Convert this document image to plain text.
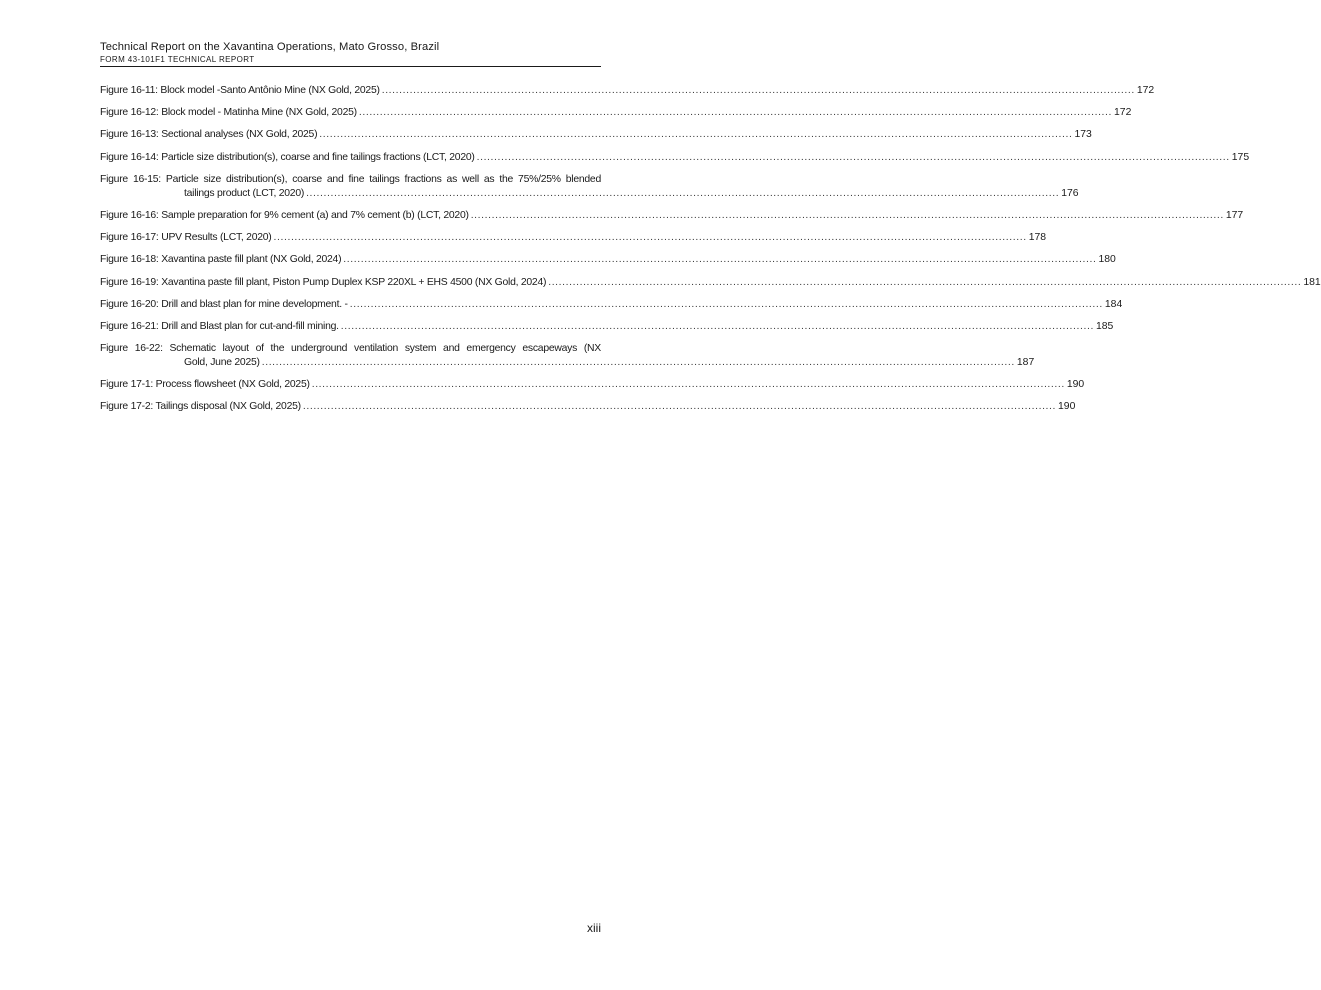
Technical Report on the Xavantina Operations, Mato Grosso, Brazil
FORM 43-101F1 TECHNICAL REPORT
Figure 16-11: Block model -Santo Antônio Mine (NX Gold, 2025) .....	172
Figure 16-12: Block model - Matinha Mine (NX Gold, 2025) .....	172
Figure 16-13: Sectional analyses (NX Gold, 2025) .....	173
Figure 16-14: Particle size distribution(s), coarse and fine tailings fractions (LCT, 2020) .....	175
Figure 16-15: Particle size distribution(s), coarse and fine tailings fractions as well as the 75%/25% blended
tailings product (LCT, 2020) .....	176
Figure 16-16: Sample preparation for 9% cement (a) and 7% cement (b) (LCT, 2020) .....	177
Figure 16-17: UPV Results (LCT, 2020) .....	178
Figure 16-18: Xavantina paste fill plant (NX Gold, 2024) .....	180
Figure 16-19: Xavantina paste fill plant, Piston Pump Duplex KSP 220XL + EHS 4500 (NX Gold, 2024) .....	181
Figure 16-20: Drill and blast plan for mine development. - .....	184
Figure 16-21: Drill and Blast plan for cut-and-fill mining. .....	185
Figure 16-22: Schematic layout of the underground ventilation system and emergency escapeways (NX
Gold, June 2025) .....	187
Figure 17-1: Process flowsheet (NX Gold, 2025) .....	190
Figure 17-2: Tailings disposal (NX Gold, 2025) .....	190
xiii
